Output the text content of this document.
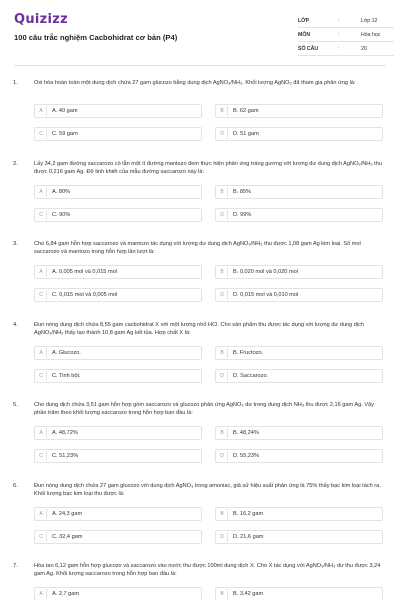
Quizizz
100 câu trắc nghiệm Cacbohidrat cơ bản (P4)
LỚP	:	Lớp 12
MÔN	:	Hóa học
SỐ CÂU	:	20
1.	Oxi hóa hoàn toàn một dung dịch chứa 27 gam glucozo bằng dung dịch AgNO₃/NH₃. Khối lượng AgNO₃ đã tham gia phản ứng là:
A	A. 40 gam	B	B. 62 gam
C	C. 59 gam	D	D. 51 gam
2.	Lấy 34,2 gam đường saccarozo có lẫn một ít đường mantozo đem thực hiện phản ứng tráng gương với lượng dư dung dịch AgNO₃/NH₃ thu được 0,216 gam Ag. Độ tinh khiết của mẫu đường saccarozo này là:
A	A. 80%	B	B. 85%
C	C. 90%	D	D. 99%
3.	Cho 6,84 gam hỗn hợp saccarozo và mantozo tác dụng với lượng dư dung dịch AgNO₃/NH₃ thu được 1,08 gam Ag kim loại. Số mol saccarozo và mantozo trong hỗn hợp lần lượt là:
A	A. 0,005 mol và 0,015 mol	B	B. 0,020 mol và 0,020 mol
C	C. 0,015 mol và 0,005 mol	D	D. 0,015 mol và 0,010 mol
4.	Đun nóng dung dịch chứa 8,55 gam cacbohidrat X với một lượng nhỏ HCl. Cho sản phẩm thu được tác dụng với lượng dư dung dịch AgNO₃/NH₃ thấy tạo thành 10,8 gam Ag kết tủa. Hợp chất X là:
A	A. Glucozo.	B	B. Fructozo.
C	C. Tinh bột.	D	D. Saccarozo.
5.	Cho dung dịch chứa 3,51 gam hỗn hợp gồm saccarozo và glucozo phản ứng AgNO₃ dư trong dung dịch NH₃ thu được 2,16 gam Ag. Vậy phần trăm theo khối lượng saccarozo trong hỗn hợp ban đầu là:
A	A. 48,72%	B	B. 48,24%
C	C. 51,23%	D	D. 55,23%
6.	Đun nóng dung dịch chứa 27 gam glucozo với dung dịch AgNO₃ trong amoniac, giả sử hiệu suất phản ứng là 75% thấy bạc kim loại tách ra. Khối lượng bạc kim loại thu được là:
A	A. 24,3 gam	B	B. 16,2 gam
C	C. 32,4 gam	D	D. 21,6 gam
7.	Hòa tan 6,12 gam hỗn hợp glucozo và saccarozo vào nước thu được 100ml dung dịch X. Cho X tác dụng với AgNO₃/NH₃ dư thu được 3,24 gam Ag. Khối lượng saccarozo trong hỗn hợp ban đầu là:
A	A. 2,7 gam	B	B. 3,42 gam
